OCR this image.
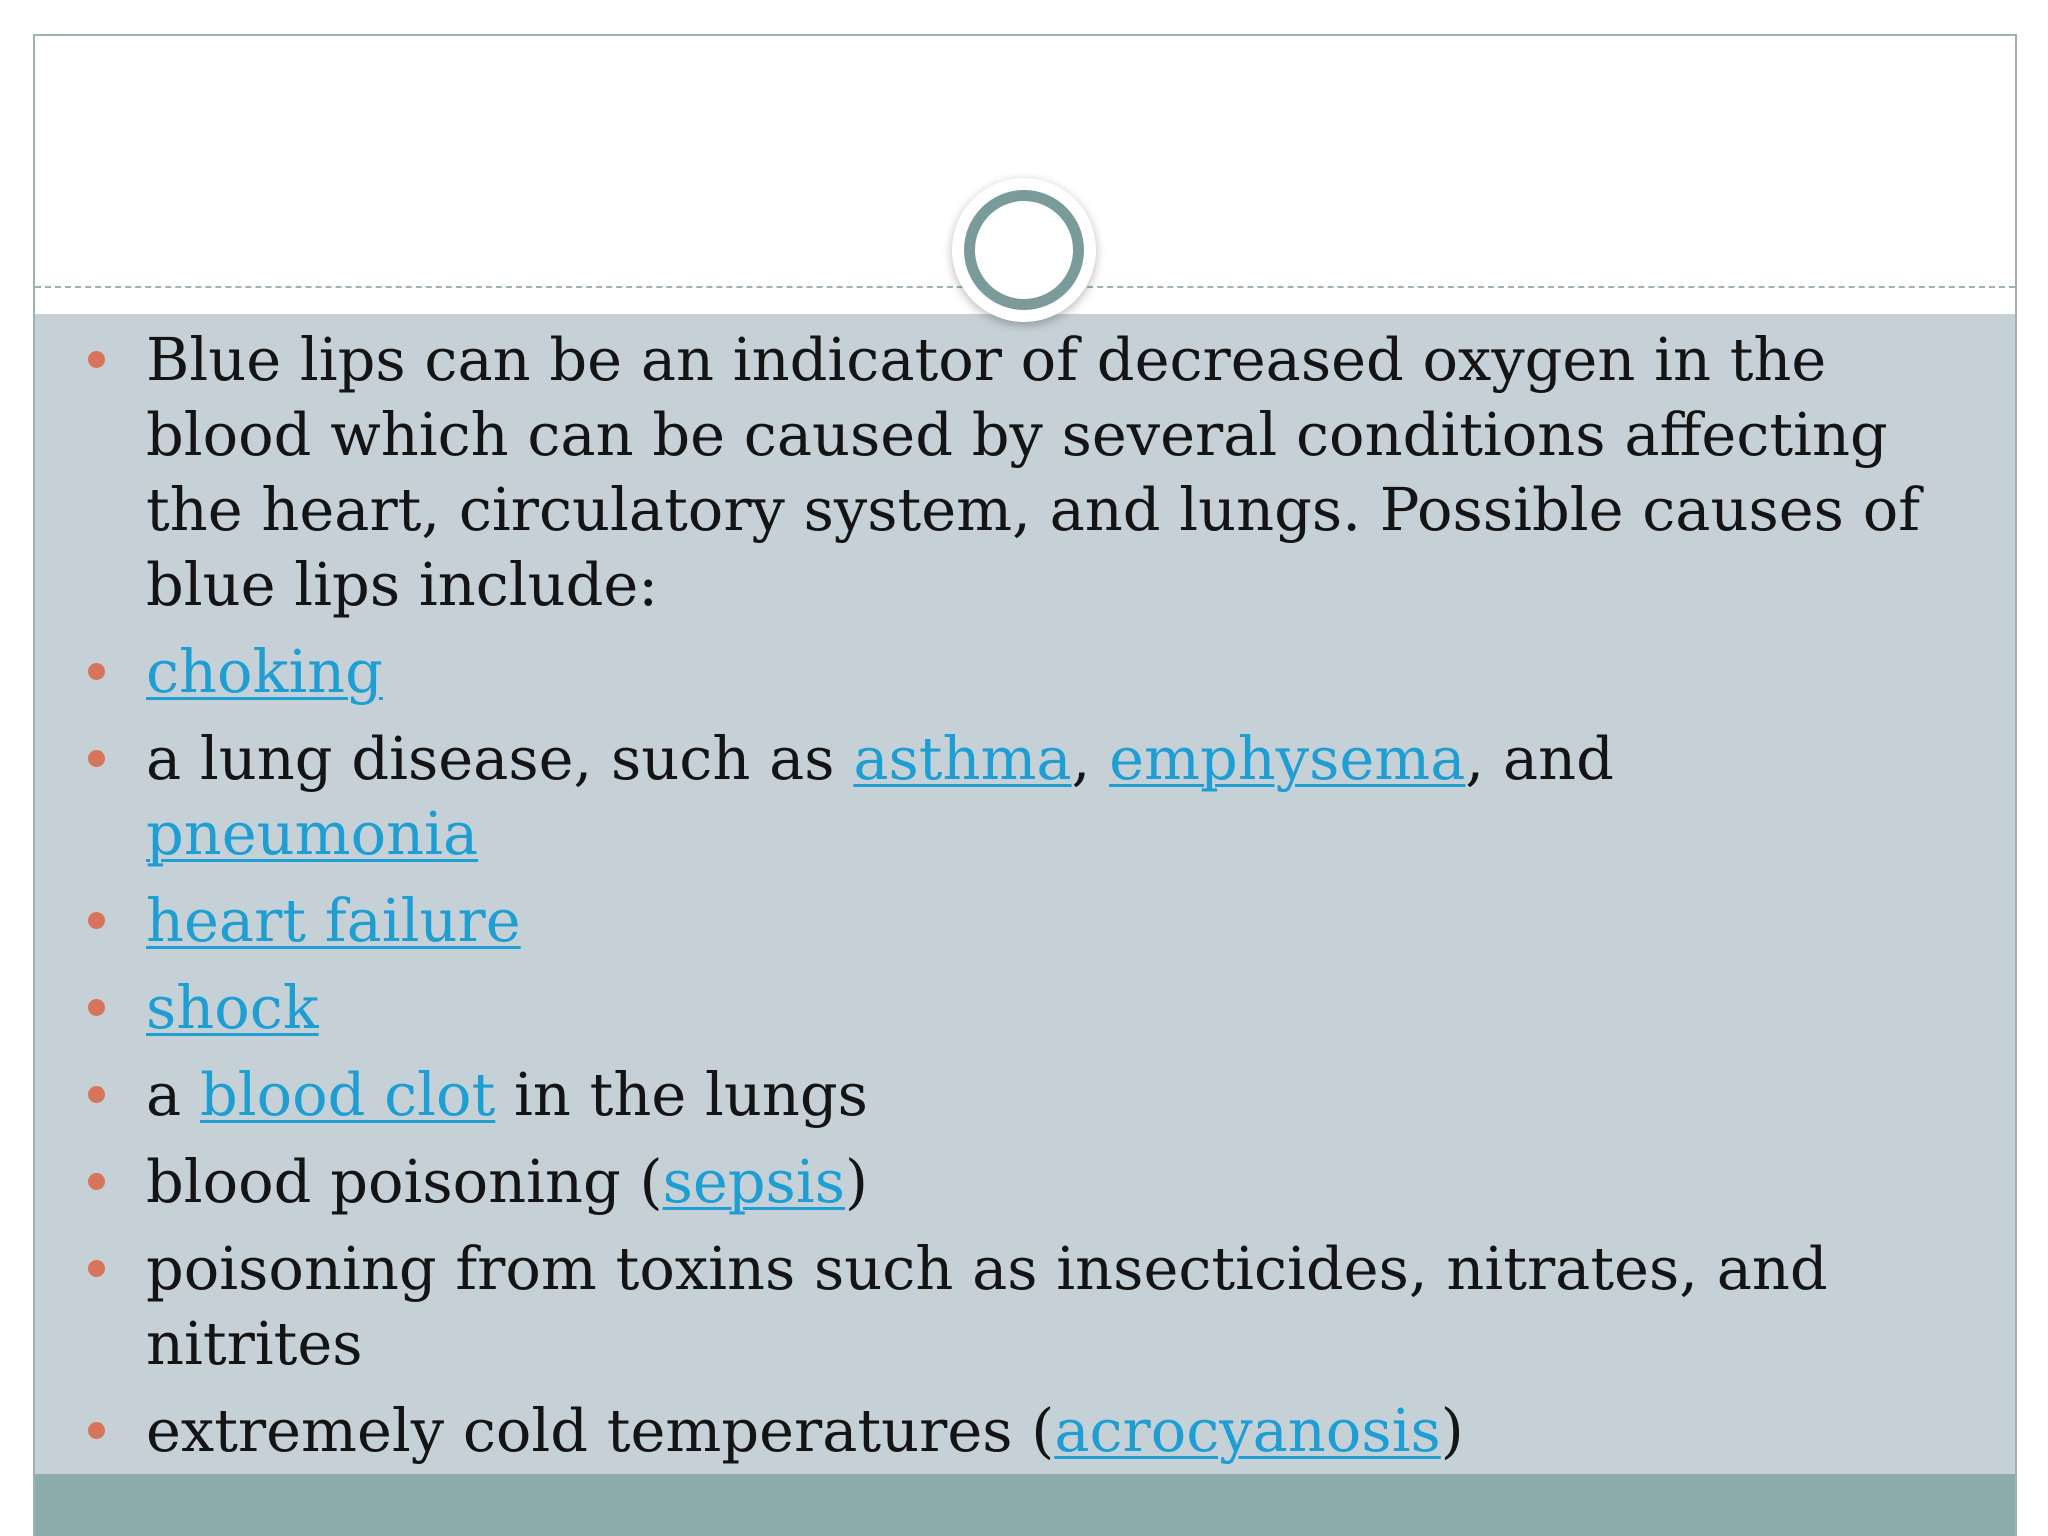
Blue lips can be an indicator of decreased oxygen in the blood which can be caused by several conditions affecting the heart, circulatory system, and lungs. Possible causes of blue lips include:
choking
a lung disease, such as asthma, emphysema, and pneumonia
heart failure
shock
a blood clot in the lungs
blood poisoning (sepsis)
poisoning from toxins such as insecticides, nitrates, and nitrites
extremely cold temperatures (acrocyanosis)
